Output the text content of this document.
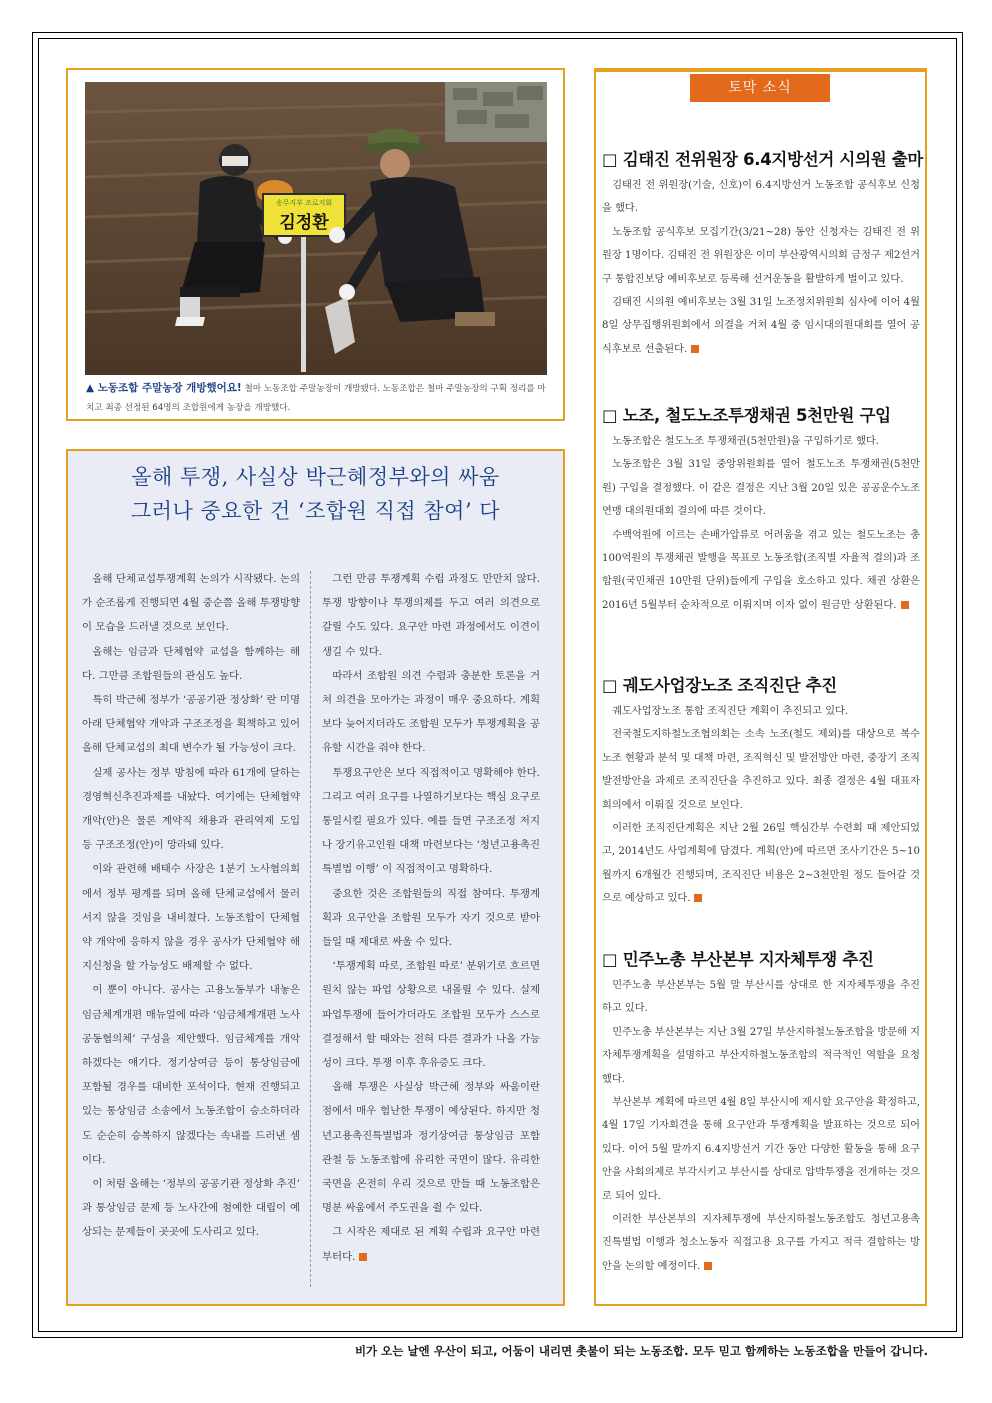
송무지부 조로지회
김정환
▲ 노동조합 주말농장 개방했어요! 철마 노동조합 주말농장이 개방됐다. 노동조합은 철마 주말농장의 구획 정리를 마치고 최종 선정된 64명의 조합원에게 농장을 개방했다.
올해 투쟁, 사실상 박근혜정부와의 싸움
그러나 중요한 건 ‘조합원 직접 참여’ 다

올해 단체교섭투쟁계획 논의가 시작됐다. 논의가 순조롭게 진행되면 4월 중순쯤 올해 투쟁방향이 모습을 드러낼 것으로 보인다.

올해는 임금과 단체협약 교섭을 함께하는 해다. 그만큼 조합원들의 관심도 높다.

특히 박근혜 정부가 ‘공공기관 정상화’ 란 미명 아래 단체협약 개악과 구조조정을 획책하고 있어 올해 단체교섭의 최대 변수가 될 가능성이 크다.

실제 공사는 정부 방침에 따라 61개에 달하는 경영혁신추진과제를 내놨다. 여기에는 단체협약 개악(안)은 물론 계약직 채용과 관리역제 도입 등 구조조정(안)이 망라돼 있다.

이와 관련해 배태수 사장은 1분기 노사협의회에서 정부 평계를 되며 올해 단체교섭에서 물러서지 않을 것임을 내비쳤다. 노동조합이 단체협약 개악에 응하지 않을 경우 공사가 단체협약 해지신청을 할 가능성도 배제할 수 없다.

이 뿐이 아니다. 공사는 고용노동부가 내놓은 임금체계개편 매뉴얼에 따라 ‘임금체계개편 노사공동협의체’ 구성을 제안했다. 임금체계를 개악하겠다는 얘기다. 정기상여금 등이 통상임금에 포함될 경우를 대비한 포석이다. 현재 진행되고 있는 통상임금 소송에서 노동조합이 승소하더라도 순순히 승복하지 않겠다는 속내를 드러낸 셈이다.

이 처럼 올해는 ‘정부의 공공기관 정상화 추진’ 과 통상임금 문제 등 노사간에 첨예한 대립이 예상되는 문제들이 곳곳에 도사리고 있다.

그런 만큼 투쟁계획 수립 과정도 만만치 않다. 투쟁 방향이나 투쟁의제를 두고 여러 의견으로 갈릴 수도 있다. 요구안 마련 과정에서도 이견이 생길 수 있다.

따라서 조합원 의견 수렴과 충분한 토론을 거쳐 의견을 모아가는 과정이 매우 중요하다. 계획보다 늦어지더라도 조합원 모두가 투쟁계획을 공유할 시간을 줘야 한다.

투쟁요구안은 보다 직접적이고 명확해야 한다. 그리고 여러 요구를 나열하기보다는 핵심 요구로 통일시킬 필요가 있다. 예를 들면 구조조정 저지나 장기유고인원 대책 마련보다는 ‘청년고용촉진특별법 이행’ 이 직접적이고 명확하다.

중요한 것은 조합원들의 직접 참여다. 투쟁계획과 요구안을 조합원 모두가 자기 것으로 받아들일 때 제대로 싸울 수 있다.

‘투쟁계획 따로, 조합원 따로’ 분위기로 흐르면 원치 않는 파업 상황으로 내몰릴 수 있다. 실제 파업투쟁에 들어가더라도 조합원 모두가 스스로 결정해서 할 때와는 전혀 다른 결과가 나올 가능성이 크다. 투쟁 이후 후유증도 크다.

올해 투쟁은 사실상 박근혜 정부와 싸움이란 점에서 매우 험난한 투쟁이 예상된다. 하지만 청년고용촉진특별법과 정기상여금 통상임금 포함 관철 등 노동조합에 유리한 국면이 많다. 유리한 국면을 온전히 우리 것으로 만들 때 노동조합은 명분 싸움에서 주도권을 쥘 수 있다.

그 시작은 제대로 된 계획 수립과 요구안 마련부터다.

토막 소식
□ 김태진 전위원장 6.4지방선거 시의원 출마

김태진 전 위원장(기술, 신호)이 6.4지방선거 노동조합 공식후보 신청을 했다.

노동조합 공식후보 모집기간(3/21~28) 동안 신청자는 김태진 전 위원장 1명이다. 김태진 전 위원장은 이미 부산광역시의회 금정구 제2선거구 통합진보당 예비후보로 등록해 선거운동을 활발하게 벌이고 있다.

김태진 시의원 예비후보는 3월 31일 노조정치위원회 심사에 이어 4월 8일 상무집행위원회에서 의결을 거쳐 4월 중 임시대의원대회를 열어 공식후보로 선출된다.

□ 노조, 철도노조투쟁채권 5천만원 구입

노동조합은 철도노조 투쟁채권(5천만원)을 구입하기로 했다.

노동조합은 3월 31일 중앙위원회를 열어 철도노조 투쟁채권(5천만원) 구입을 결정했다. 이 같은 결정은 지난 3월 20일 있은 공공운수노조연맹 대의원대회 결의에 따른 것이다.

수백억원에 이르는 손배가압류로 어려움을 겪고 있는 철도노조는 총 100억원의 투쟁채권 발행을 목표로 노동조합(조직별 자율적 결의)과 조합원(국민채권 10만원 단위)들에게 구입을 호소하고 있다. 채권 상환은 2016년 5월부터 순차적으로 이뤄지며 이자 없이 원금만 상환된다.

□ 궤도사업장노조 조직진단 추진

궤도사업장노조 통합 조직진단 계획이 추진되고 있다.

전국철도지하철노조협의회는 소속 노조(철도 제외)를 대상으로 복수노조 현황과 분석 및 대책 마련, 조직혁신 및 발전방안 마련, 중장기 조직발전방안을 과제로 조직진단을 추진하고 있다. 최종 결정은 4월 대표자회의에서 이뤄질 것으로 보인다.

이러한 조직진단계획은 지난 2월 26일 핵심간부 수련회 때 제안되었고, 2014년도 사업계획에 담겼다. 계획(안)에 따르면 조사기간은 5~10월까지 6개월간 진행되며, 조직진단 비용은 2~3천만원 정도 들어갈 것으로 예상하고 있다.

□ 민주노총 부산본부 지자체투쟁 추진

민주노총 부산본부는 5월 말 부산시를 상대로 한 지자체투쟁을 추진하고 있다.

민주노총 부산본부는 지난 3월 27일 부산지하철노동조합을 방문해 지자체투쟁계획을 설명하고 부산지하철노동조합의 적극적인 역할을 요청했다.

부산본부 계획에 따르면 4월 8일 부산시에 제시할 요구안을 확정하고, 4월 17일 기자회견을 통해 요구안과 투쟁계획을 발표하는 것으로 되어 있다. 이어 5월 말까지 6.4지방선거 기간 동안 다양한 활동을 통해 요구안을 사회의제로 부각시키고 부산시를 상대로 압박투쟁을 전개하는 것으로 되어 있다.

이러한 부산본부의 지자체투쟁에 부산지하철노동조합도 청년고용촉진특별법 이행과 청소노동자 직접고용 요구를 가지고 적극 결합하는 방안을 논의할 예정이다.

비가 오는 날엔 우산이 되고, 어둠이 내리면 촛불이 되는 노동조합. 모두 믿고 함께하는 노동조합을 만들어 갑니다.
